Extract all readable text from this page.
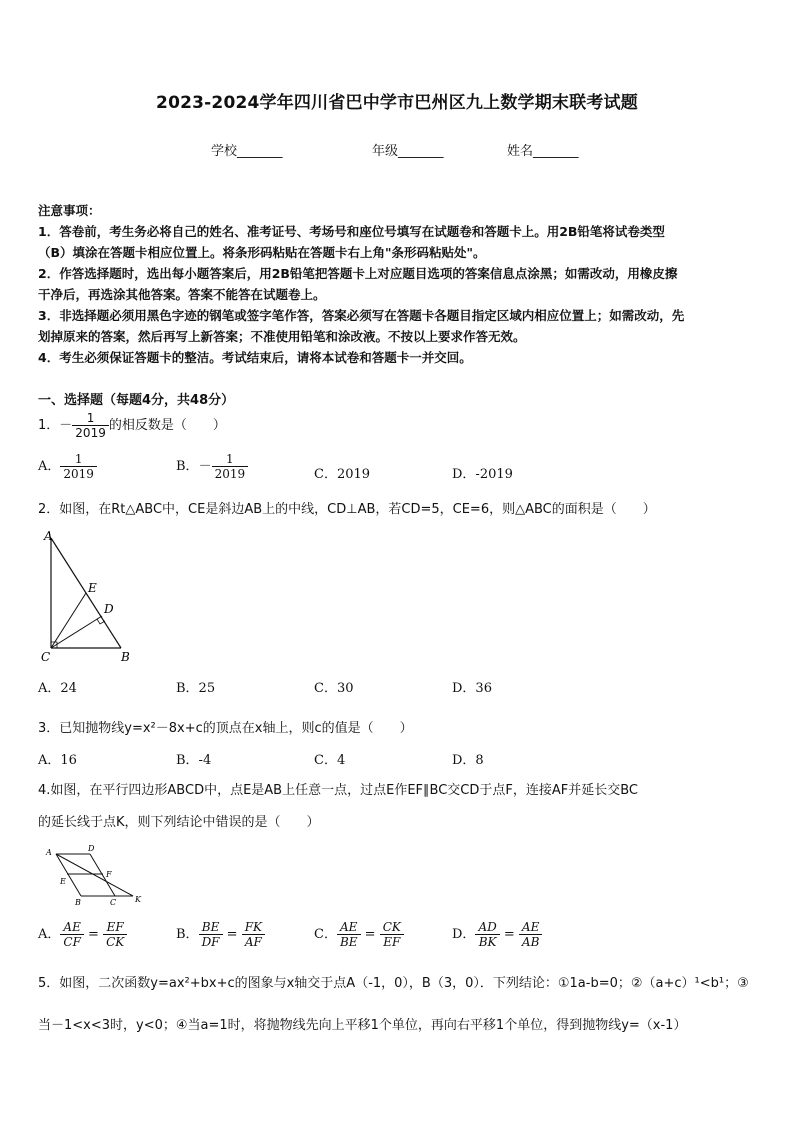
2023-2024学年四川省巴中学市巴州区九上数学期末联考试题
学校_______	年级_______	姓名_______
注意事项：
1．答卷前，考生务必将自己的姓名、准考证号、考场号和座位号填写在试题卷和答题卡上。用2B铅笔将试卷类型
（B）填涂在答题卡相应位置上。将条形码粘贴在答题卡右上角"条形码粘贴处"。
2．作答选择题时，选出每小题答案后，用2B铅笔把答题卡上对应题目选项的答案信息点涂黑；如需改动，用橡皮擦
干净后，再选涂其他答案。答案不能答在试题卷上。
3．非选择题必须用黑色字迹的钢笔或签字笔作答，答案必须写在答题卡各题目指定区域内相应位置上；如需改动，先
划掉原来的答案，然后再写上新答案；不准使用铅笔和涂改液。不按以上要求作答无效。
4．考生必须保证答题卡的整洁。考试结束后，请将本试卷和答题卡一并交回。
一、选择题（每题4分，共48分）
1．－ $\frac{1}{2019}$ 的相反数是（　　）
A． $\frac{1}{2019}$	B．－ $\frac{1}{2019}$	C．2019	D．-2019
2．如图，在Rt△ABC中，CE是斜边AB上的中线，CD⊥AB，若CD=5，CE=6，则△ABC的面积是（　　）
A
E
D
C	B
A．24	B．25	C．30	D．36
3．已知抛物线y=x²－8x+c的顶点在x轴上，则c的值是（　　）
A．16	B．-4	C．4	D．8
4.如图，在平行四边形ABCD中，点E是AB上任意一点，过点E作EF∥BC交CD于点F，连接AF并延长交BC
的延长线于点K，则下列结论中错误的是（　　）
A	D
E
F
B	C K
A． $\frac{AE}{CF} = \frac{EF}{CK}$	B． $\frac{BE}{DF} = \frac{FK}{AF}$	C． $\frac{AE}{BE} = \frac{CK}{EF}$	D． $\frac{AD}{BK} = \frac{AE}{AB}$
5．如图，二次函数y=ax²+bx+c的图象与x轴交于点A（-1，0），B（3，0）．下列结论：①1a-b=0；②（a+c）¹<b¹；③
当－1<x<3时，y<0；④当a=1时，将抛物线先向上平移1个单位，再向右平移1个单位，得到抛物线y=（x-1）
